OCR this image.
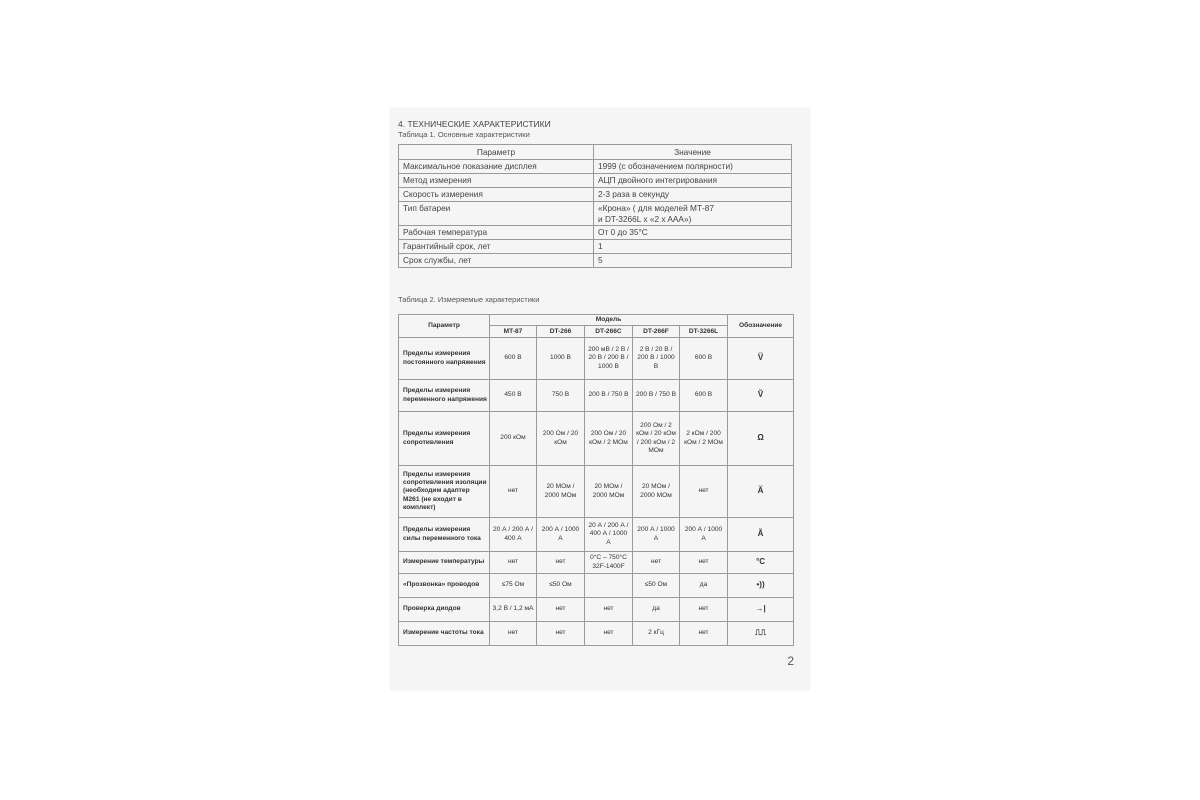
4. ТЕХНИЧЕСКИЕ ХАРАКТЕРИСТИКИ
Таблица 1. Основные характеристики
Параметр	Значение
Максимальное показание дисплея	1999 (с обозначением полярности)
Метод измерения	АЦП двойного интегрирования
Скорость измерения	2-3 раза в секунду
Тип батареи	«Крона» ( для моделей МТ-87
и DT-3266L x «2 x AAA»)
Рабочая температура	От 0 до 35°С
Гарантийный срок, лет	1
Срок службы, лет	5
Таблица 2. Измеряемые характеристики
Параметр	Модель					Обозначение
	MT-87	DT-266	DT-266C	DT-266F	DT-3266L	
Пределы измерения постоянного напряжения	600 В	1000 В	200 мВ / 2 В / 20 В / 200 В / 1000 В	2 В / 20 В / 200 В / 1000 В	600 В	V̿
Пределы измерения переменного напряжения	450 В	750 В	200 В / 750 В	200 В / 750 В	600 В	Ṽ
Пределы измерения сопротивления	200 кОм	200 Ом / 20 кОм	200 Ом / 20 кОм / 2 МОм	200 Ом / 2 кОм / 20 кОм / 200 кОм / 2 МОм	2 кОм / 200 кОм / 2 МОм	Ω
Пределы измерения сопротивления изоляции (необходим адаптер М261 (не входит в комплект)	нет	20 МОм / 2000 МОм	20 МОм / 2000 МОм	20 МОм / 2000 МОм	нет	A̿
Пределы измерения силы переменного тока	20 А / 200 А / 400 А	200 А / 1000 А	20 А / 200 А / 400 А / 1000 А	200 А / 1000 А	200 А / 1000 А	Ã
Измерение температуры	нет	нет	0°С – 750°С 32F-1400F	нет	нет	°C
«Прозвонка» проводов	≤75 Ом	≤50 Ом		≤50 Ом	да	•))
Проверка диодов	3,2 В / 1,2 мА	нет	нет	да	нет	→|
Измерение частоты тока	нет	нет	нет	2 кГц	нет	⎍⎍
2
